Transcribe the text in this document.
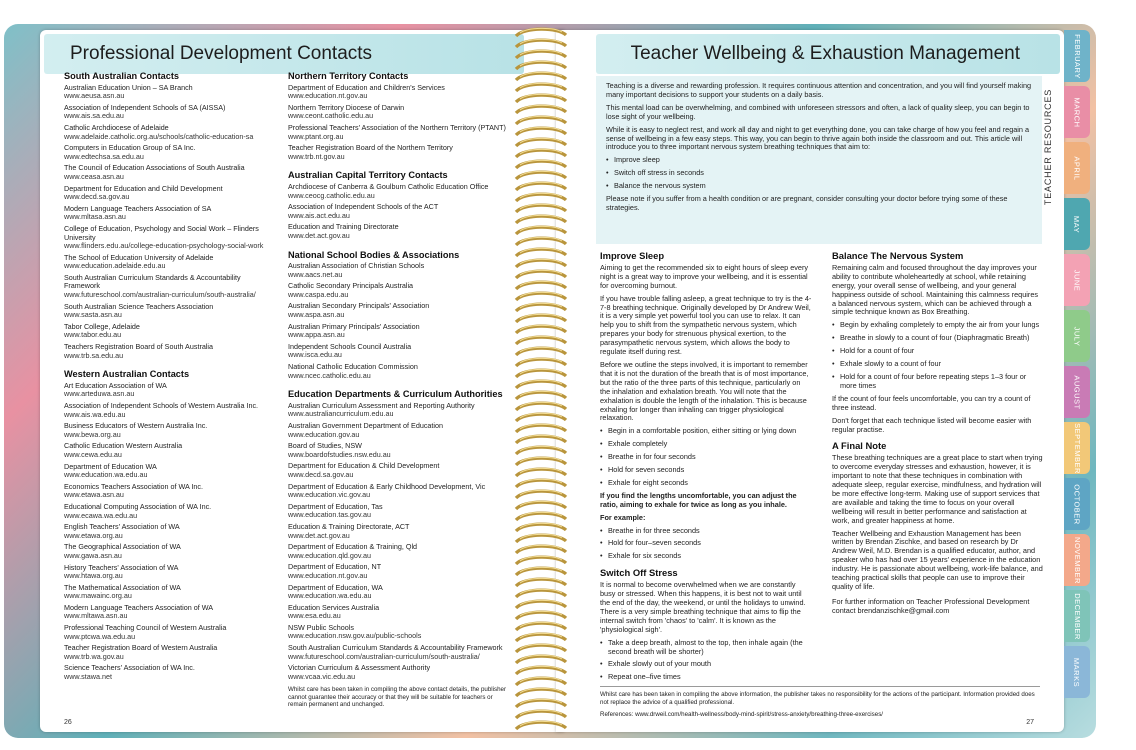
Professional Development Contacts
South Australian Contacts
Australian Education Union – SA Branch
www.aeusa.asn.au
Association of Independent Schools of SA (AISSA)
www.ais.sa.edu.au
Catholic Archdiocese of Adelaide
www.adelaide.catholic.org.au/schools/catholic-education-sa
Computers in Education Group of SA Inc.
www.edtechsa.sa.edu.au
The Council of Education Associations of South Australia
www.ceasa.asn.au
Department for Education and Child Development
www.decd.sa.gov.au
Modern Language Teachers Association of SA
www.mltasa.asn.au
College of Education, Psychology and Social Work – Flinders University
www.flinders.edu.au/college-education-psychology-social-work
The School of Education University of Adelaide
www.education.adelaide.edu.au
South Australian Curriculum Standards & Accountability Framework
www.futureschool.com/australian-curriculum/south-australia/
South Australian Science Teachers Association
www.sasta.asn.au
Tabor College, Adelaide
www.tabor.edu.au
Teachers Registration Board of South Australia
www.trb.sa.edu.au
Western Australian Contacts
Art Education Association of WA
www.arteduwa.asn.au
Association of Independent Schools of Western Australia Inc.
www.ais.wa.edu.au
Business Educators of Western Australia Inc.
www.bewa.org.au
Catholic Education Western Australia
www.cewa.edu.au
Department of Education WA
www.education.wa.edu.au
Economics Teachers Association of WA Inc.
www.etawa.asn.au
Educational Computing Association of WA Inc.
www.ecawa.wa.edu.au
English Teachers' Association of WA
www.etawa.org.au
The Geographical Association of WA
www.gawa.asn.au
History Teachers' Association of WA
www.htawa.org.au
The Mathematical Association of WA
www.mawainc.org.au
Modern Language Teachers Association of WA
www.mltawa.asn.au
Professional Teaching Council of Western Australia
www.ptcwa.wa.edu.au
Teacher Registration Board of Western Australia
www.trb.wa.gov.au
Science Teachers' Association of WA Inc.
www.stawa.net
Northern Territory Contacts
Department of Education and Children's Services
www.education.nt.gov.au
Northern Territory Diocese of Darwin
www.ceont.catholic.edu.au
Professional Teachers' Association of the Northern Territory (PTANT)
www.ptant.org.au
Teacher Registration Board of the Northern Territory
www.trb.nt.gov.au
Australian Capital Territory Contacts
Archdiocese of Canberra & Goulburn Catholic Education Office
www.ceocg.catholic.edu.au
Association of Independent Schools of the ACT
www.ais.act.edu.au
Education and Training Directorate
www.det.act.gov.au
National School Bodies & Associations
Australian Association of Christian Schools
www.aacs.net.au
Catholic Secondary Principals Australia
www.caspa.edu.au
Australian Secondary Principals' Association
www.aspa.asn.au
Australian Primary Principals' Association
www.appa.asn.au
Independent Schools Council Australia
www.isca.edu.au
National Catholic Education Commission
www.ncec.catholic.edu.au
Education Departments & Curriculum Authorities
Australian Curriculum Assessment and Reporting Authority
www.australiancurriculum.edu.au
Australian Government Department of Education
www.education.gov.au
Board of Studies, NSW
www.boardofstudies.nsw.edu.au
Department for Education & Child Development
www.decd.sa.gov.au
Department of Education & Early Childhood Development, Vic
www.education.vic.gov.au
Department of Education, Tas
www.education.tas.gov.au
Education & Training Directorate, ACT
www.det.act.gov.au
Department of Education & Training, Qld
www.education.qld.gov.au
Department of Education, NT
www.education.nt.gov.au
Department of Education, WA
www.education.wa.edu.au
Education Services Australia
www.esa.edu.au
NSW Public Schools
www.education.nsw.gov.au/public-schools
South Australian Curriculum Standards & Accountability Framework
www.futureschool.com/australian-curriculum/south-australia/
Victorian Curriculum & Assessment Authority
www.vcaa.vic.edu.au
Whilst care has been taken in compiling the above contact details, the publisher cannot guarantee their accuracy or that they will be suitable for teachers or remain permanent and unchanged.
26
Teacher Wellbeing & Exhaustion Management

Teaching is a diverse and rewarding profession. It requires continuous attention and concentration, and you will find yourself making many important decisions to support your students on a daily basis.

This mental load can be overwhelming, and combined with unforeseen stressors and often, a lack of quality sleep, you can begin to lose sight of your wellbeing.

While it is easy to neglect rest, and work all day and night to get everything done, you can take charge of how you feel and regain a sense of wellbeing in a few easy steps. This way, you can begin to thrive again both inside the classroom and out. This article will introduce you to three important nervous system breathing techniques that aim to:

• Improve sleep
• Switch off stress in seconds
• Balance the nervous system

Please note if you suffer from a health condition or are pregnant, consider consulting your doctor before trying some of these strategies.

Improve Sleep

Aiming to get the recommended six to eight hours of sleep every night is a great way to improve your wellbeing, and it is essential for overcoming burnout.

If you have trouble falling asleep, a great technique to try is the 4-7-8 breathing technique. Originally developed by Dr Andrew Weil, it is a very simple yet powerful tool you can use to relax. It can help you to shift from the sympathetic nervous system, which prepares your body for strenuous physical exertion, to the parasympathetic nervous system, which allows the body to regulate itself during rest.

Before we outline the steps involved, it is important to remember that it is not the duration of the breath that is of most importance, but the ratio of the three parts of this technique, particularly on the inhalation and exhalation breath. You will note that the exhalation is double the length of the inhalation. This is because exhaling for longer than inhaling can trigger physiological relaxation.

• Begin in a comfortable position, either sitting or lying down
• Exhale completely
• Breathe in for four seconds
• Hold for seven seconds
• Exhale for eight seconds

If you find the lengths uncomfortable, you can adjust the ratio, aiming to exhale for twice as long as you inhale.

For example:

• Breathe in for three seconds
• Hold for four–seven seconds
• Exhale for six seconds
Switch Off Stress

It is normal to become overwhelmed when we are constantly busy or stressed. When this happens, it is best not to wait until the end of the day, the weekend, or until the holidays to unwind. There is a very simple breathing technique that aims to flip the internal switch from 'chaos' to 'calm'. It is known as the 'physiological sigh'.

• Take a deep breath, almost to the top, then inhale again (the second breath will be shorter)
• Exhale slowly out of your mouth
• Repeat one–five times
Balance The Nervous System

Remaining calm and focused throughout the day improves your ability to contribute wholeheartedly at school, while retaining energy, your overall sense of wellbeing, and your general happiness outside of school. Maintaining this calmness requires a balanced nervous system, which can be achieved through a simple technique known as Box Breathing.

• Begin by exhaling completely to empty the air from your lungs
• Breathe in slowly to a count of four (Diaphragmatic Breath)
• Hold for a count of four
• Exhale slowly to a count of four
• Hold for a count of four before repeating steps 1–3 four or more times

If the count of four feels uncomfortable, you can try a count of three instead.

Don't forget that each technique listed will become easier with regular practise.

A Final Note

These breathing techniques are a great place to start when trying to overcome everyday stresses and exhaustion, however, it is important to note that these techniques in combination with adequate sleep, regular exercise, mindfulness, and hydration will be more effective long-term. Making use of support services that are available and taking the time to focus on your overall wellbeing will result in better performance and satisfaction at work, and greater happiness at home.

Teacher Wellbeing and Exhaustion Management has been written by Brendan Zischke, and based on research by Dr Andrew Weil, M.D. Brendan is a qualified educator, author, and speaker who has had over 15 years' experience in the education industry. He is passionate about wellbeing, work-life balance, and teaching practical skills that people can use to improve their quality of life.

For further information on Teacher Professional Development contact brendanzischke@gmail.com

Whilst care has been taken in compiling the above information, the publisher takes no responsibility for the actions of the participant. Information provided does not replace the advice of a qualified professional.
References: www.drweil.com/health-wellness/body-mind-spirit/stress-anxiety/breathing-three-exercises/
27
TEACHER RESOURCES
FEBRUARY
MARCH
APRIL
MAY
JUNE
JULY
AUGUST
SEPTEMBER
OCTOBER
NOVEMBER
DECEMBER
MARKS
